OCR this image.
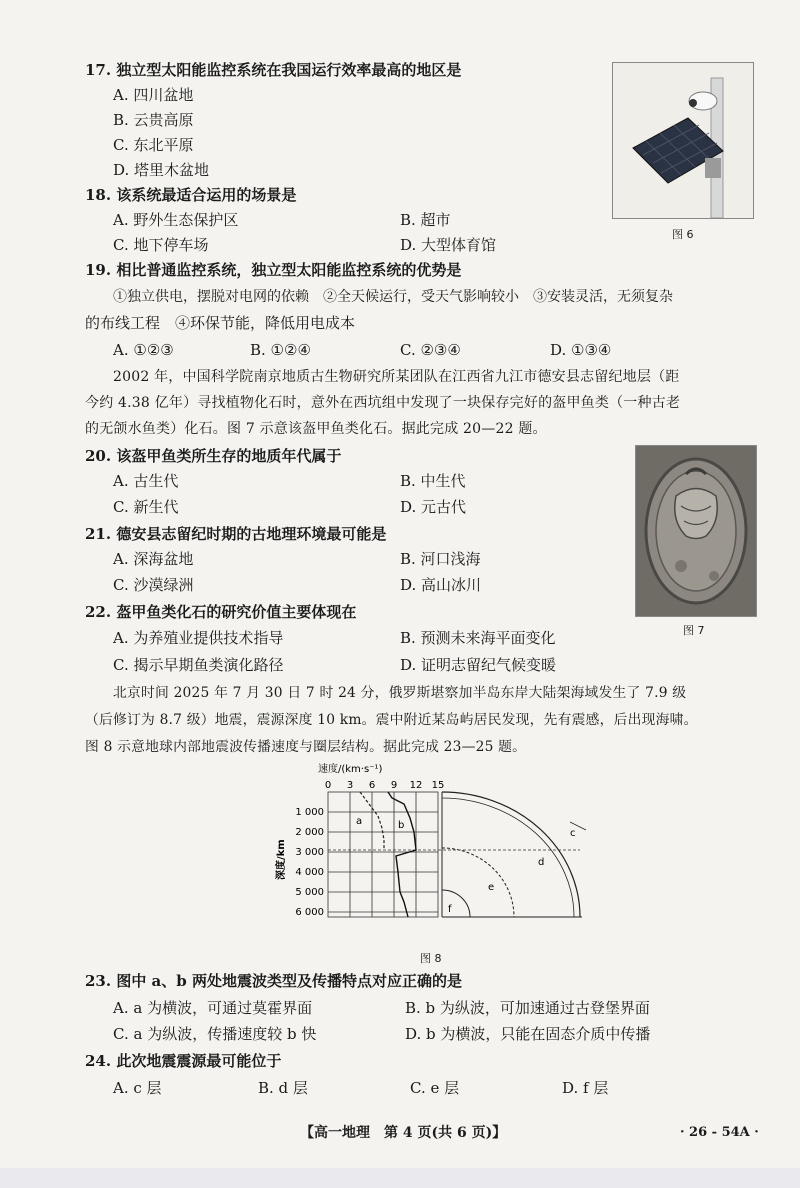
17. 独立型太阳能监控系统在我国运行效率最高的地区是
A. 四川盆地
B. 云贵高原
C. 东北平原
D. 塔里木盆地
图 6
18. 该系统最适合运用的场景是
A. 野外生态保护区	B. 超市
C. 地下停车场	D. 大型体育馆
19. 相比普通监控系统，独立型太阳能监控系统的优势是
①独立供电，摆脱对电网的依赖　②全天候运行，受天气影响较小　③安装灵活，无须复杂
的布线工程　④环保节能，降低用电成本
A. ①②③	B. ①②④	C. ②③④	D. ①③④
2002 年，中国科学院南京地质古生物研究所某团队在江西省九江市德安县志留纪地层（距
今约 4.38 亿年）寻找植物化石时，意外在西坑组中发现了一块保存完好的盔甲鱼类（一种古老
的无颌水鱼类）化石。图 7 示意该盔甲鱼类化石。据此完成 20—22 题。
20. 该盔甲鱼类所生存的地质年代属于
A. 古生代	B. 中生代
C. 新生代	D. 元古代
图 7
21. 德安县志留纪时期的古地理环境最可能是
A. 深海盆地	B. 河口浅海
C. 沙漠绿洲	D. 高山冰川
22. 盔甲鱼类化石的研究价值主要体现在
A. 为养殖业提供技术指导	B. 预测未来海平面变化
C. 揭示早期鱼类演化路径	D. 证明志留纪气候变暖
北京时间 2025 年 7 月 30 日 7 时 24 分，俄罗斯堪察加半岛东岸大陆架海域发生了 7.9 级
（后修订为 8.7 级）地震，震源深度 10 km。震中附近某岛屿居民发现，先有震感，后出现海啸。
图 8 示意地球内部地震波传播速度与圈层结构。据此完成 23—25 题。
速度/(km·s⁻¹)
0 3 6 9 12 15
1 000
2 000
3 000
4 000
5 000
6 000
深度/km
a	b
c
d
e
f
图 8
23. 图中 a、b 两处地震波类型及传播特点对应正确的是
A. a 为横波，可通过莫霍界面	B. b 为纵波，可加速通过古登堡界面
C. a 为纵波，传播速度较 b 快	D. b 为横波，只能在固态介质中传播
24. 此次地震震源最可能位于
A. c 层	B. d 层	C. e 层	D. f 层
【高一地理　第 4 页(共 6 页)】	· 26 - 54A ·
